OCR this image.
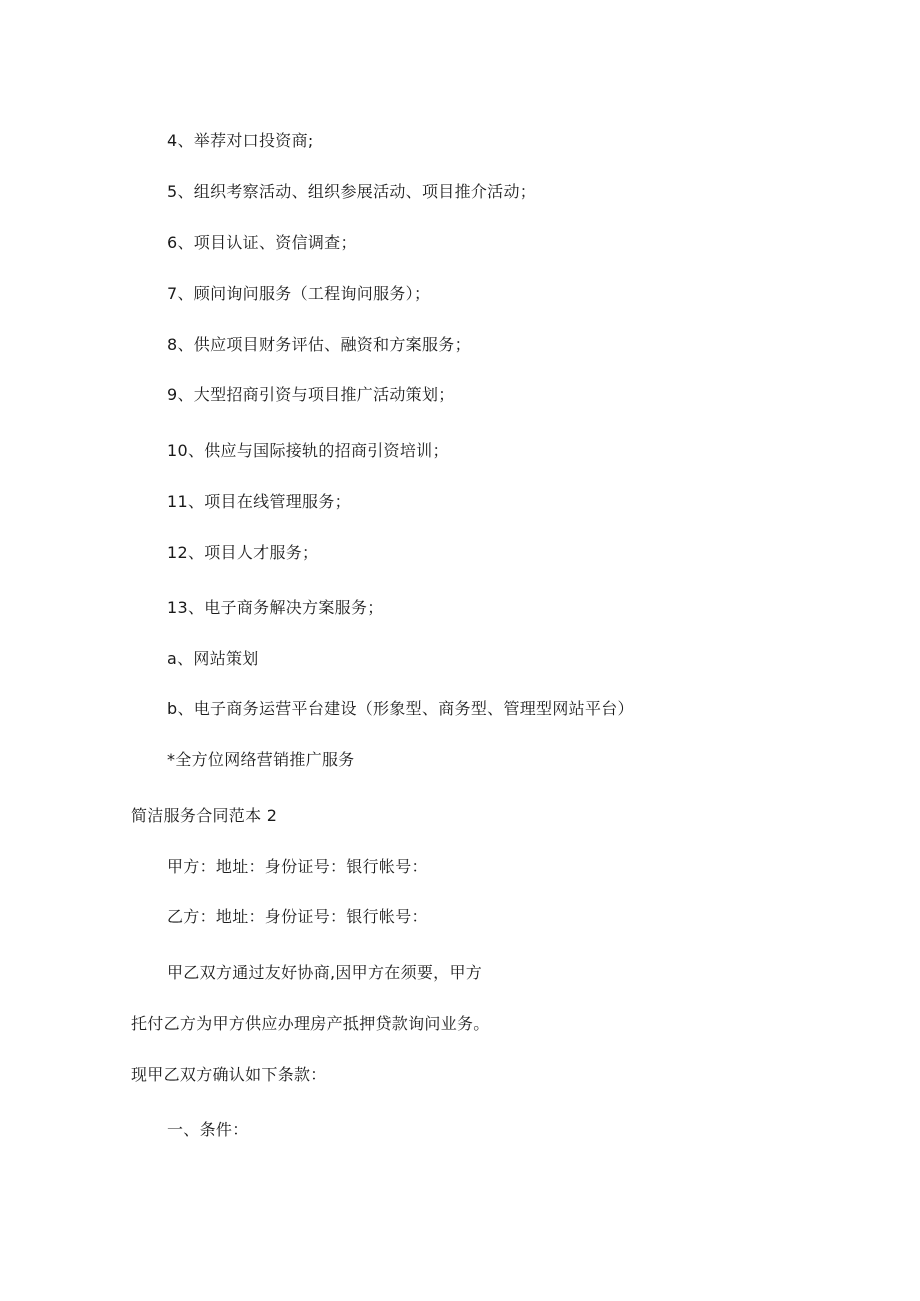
4、举荐对口投资商;
5、组织考察活动、组织参展活动、项目推介活动；
6、项目认证、资信调查；
7、顾问询问服务（工程询问服务）；
8、供应项目财务评估、融资和方案服务；
9、大型招商引资与项目推广活动策划；
10、供应与国际接轨的招商引资培训；
11、项目在线管理服务；
12、项目人才服务；
13、电子商务解决方案服务；
a、网站策划
b、电子商务运营平台建设（形象型、商务型、管理型网站平台）
*全方位网络营销推广服务
简洁服务合同范本 2
甲方：地址：身份证号：银行帐号：
乙方：地址：身份证号：银行帐号：
甲乙双方通过友好协商,因甲方在须要，甲方
托付乙方为甲方供应办理房产抵押贷款询问业务。
现甲乙双方确认如下条款：
一、条件：
